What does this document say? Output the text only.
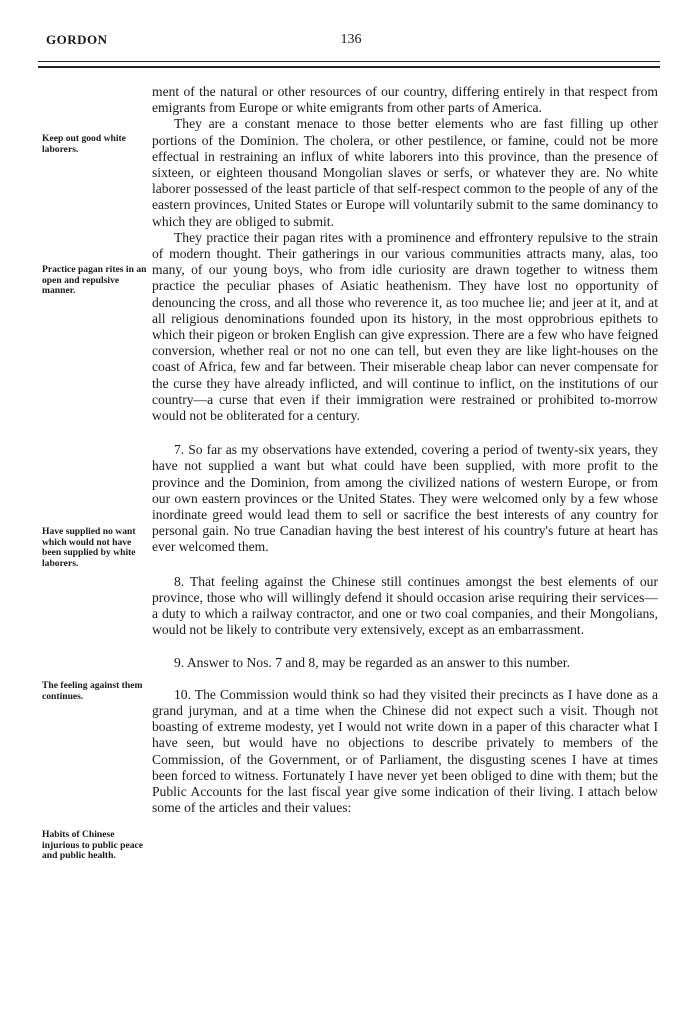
GORDON	136
Keep out good white laborers.
Practice pagan rites in an open and repulsive manner.
Have supplied no want which would not have been supplied by white laborers.
The feeling against them continues.
Habits of Chinese injurious to public peace and public health.

ment of the natural or other resources of our country, differing entirely in that respect from emigrants from Europe or white emigrants from other parts of America.

They are a constant menace to those better elements who are fast filling up other portions of the Dominion. The cholera, or other pestilence, or famine, could not be more effectual in restraining an influx of white laborers into this province, than the presence of sixteen, or eighteen thousand Mongolian slaves or serfs, or whatever they are. No white laborer possessed of the least particle of that self-respect common to the people of any of the eastern provinces, United States or Europe will voluntarily submit to the same dominancy to which they are obliged to submit.

They practice their pagan rites with a prominence and effrontery repulsive to the strain of modern thought. Their gatherings in our various communities attracts many, alas, too many, of our young boys, who from idle curiosity are drawn together to witness them practice the peculiar phases of Asiatic heathenism. They have lost no opportunity of denouncing the cross, and all those who reverence it, as too muchee lie; and jeer at it, and at all religious denominations founded upon its history, in the most opprobrious epithets to which their pigeon or broken English can give expression. There are a few who have feigned conversion, whether real or not no one can tell, but even they are like light-houses on the coast of Africa, few and far between. Their miserable cheap labor can never compensate for the curse they have already inflicted, and will continue to inflict, on the institutions of our country—a curse that even if their immigration were restrained or prohibited to-morrow would not be obliterated for a century.

7. So far as my observations have extended, covering a period of twenty-six years, they have not supplied a want but what could have been supplied, with more profit to the province and the Dominion, from among the civilized nations of western Europe, or from our own eastern provinces or the United States. They were welcomed only by a few whose inordinate greed would lead them to sell or sacrifice the best interests of any country for personal gain. No true Canadian having the best interest of his country's future at heart has ever welcomed them.

8. That feeling against the Chinese still continues amongst the best elements of our province, those who will willingly defend it should occasion arise requiring their services—a duty to which a railway contractor, and one or two coal companies, and their Mongolians, would not be likely to contribute very extensively, except as an embarrassment.

9. Answer to Nos. 7 and 8, may be regarded as an answer to this number.

10. The Commission would think so had they visited their precincts as I have done as a grand juryman, and at a time when the Chinese did not expect such a visit. Though not boasting of extreme modesty, yet I would not write down in a paper of this character what I have seen, but would have no objections to describe privately to members of the Commission, of the Government, or of Parliament, the disgusting scenes I have at times been forced to witness. Fortunately I have never yet been obliged to dine with them; but the Public Accounts for the last fiscal year give some indication of their living. I attach below some of the articles and their values:
